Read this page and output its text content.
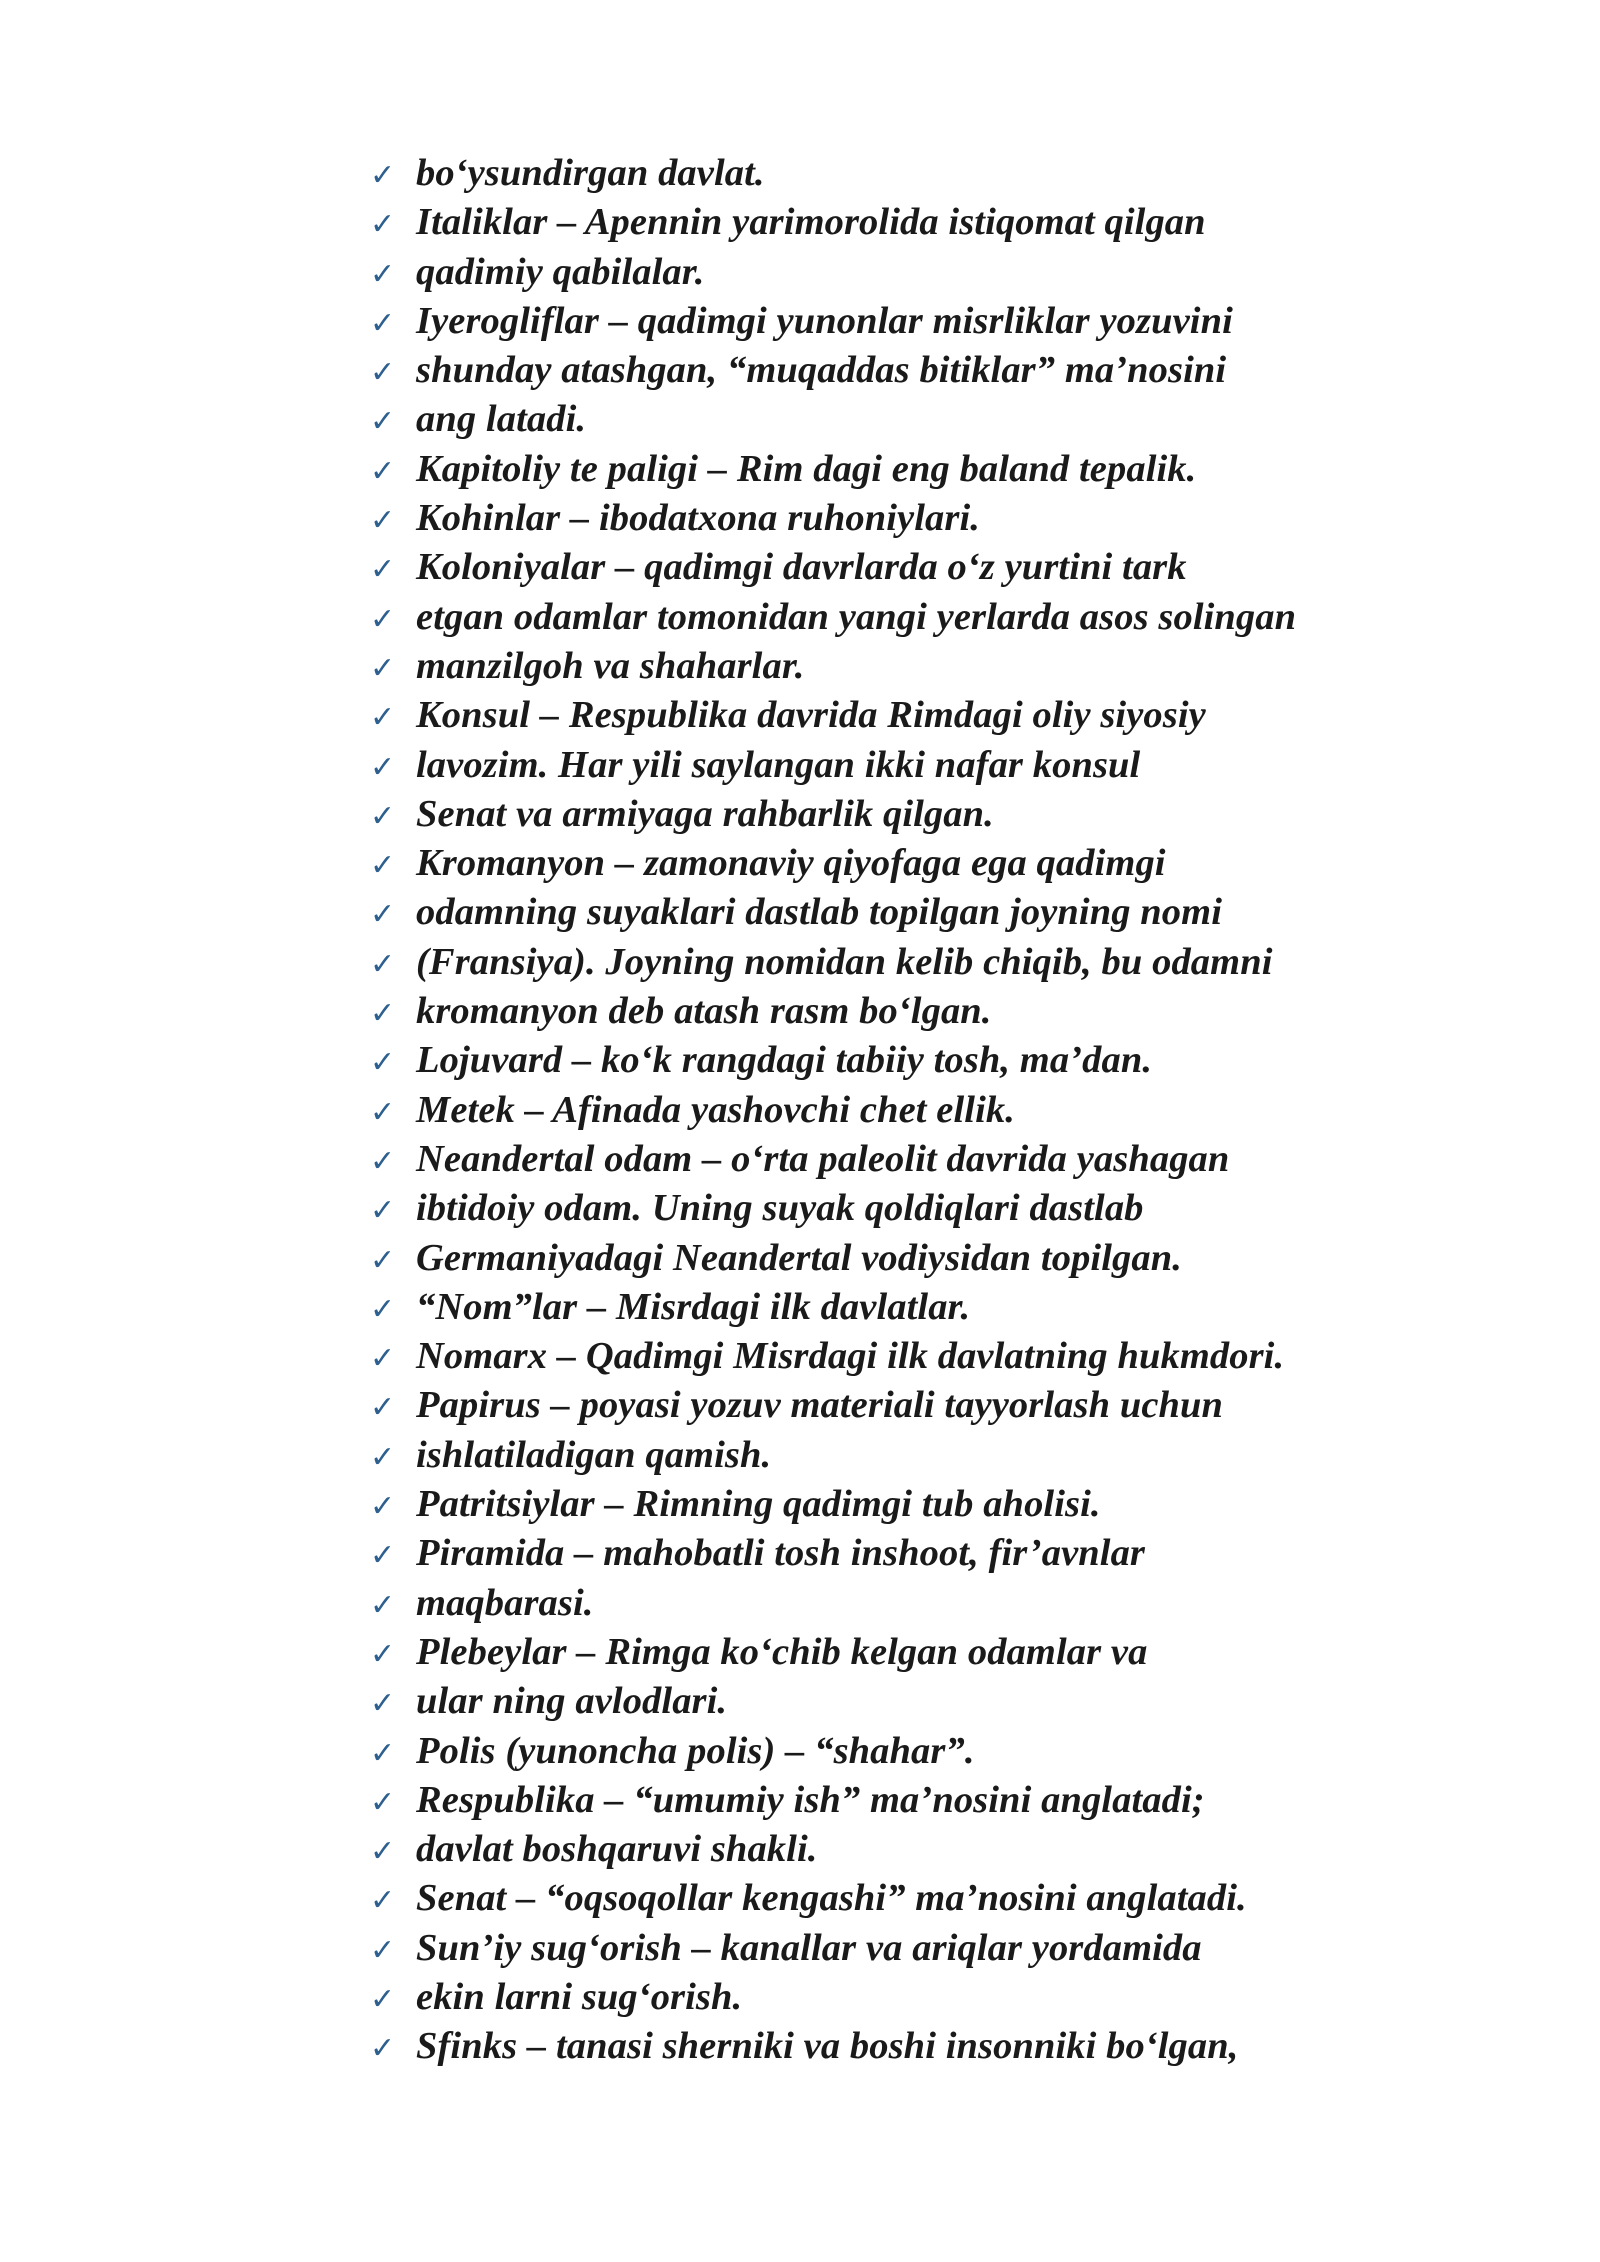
✓ bo‘ysundirgan davlat.
✓ Italiklar – Apennin yarimorolida istiqomat qilgan
✓ qadimiy qabilalar.
✓ Iyerogliflar – qadimgi yunonlar misrliklar yozuvini
✓ shunday atashgan, “muqaddas bitiklar” ma’nosini
✓ ang latadi.
✓ Kapitoliy te paligi – Rim dagi eng baland tepalik.
✓ Kohinlar – ibodatxona ruhoniylari.
✓ Koloniyalar – qadimgi davrlarda o‘z yurtini tark
✓ etgan odamlar tomonidan yangi yerlarda asos solingan
✓ manzilgoh va shaharlar.
✓ Konsul – Respublika davrida Rimdagi oliy siyosiy
✓ lavozim. Har yili saylangan ikki nafar konsul
✓ Senat va armiyaga rahbarlik qilgan.
✓ Kromanyon – zamonaviy qiyofaga ega qadimgi
✓ odamning suyaklari dastlab topilgan joyning nomi
✓ (Fransiya). Joyning nomidan kelib chiqib, bu odamni
✓ kromanyon deb atash rasm bo‘lgan.
✓ Lojuvard – ko‘k rangdagi tabiiy tosh, ma’dan.
✓ Metek – Afinada yashovchi chet ellik.
✓ Neandertal odam – o‘rta paleolit davrida yashagan
✓ ibtidoiy odam. Uning suyak qoldiqlari dastlab
✓ Germaniyadagi Neandertal vodiysidan topilgan.
✓ “Nom”lar – Misrdagi ilk davlatlar.
✓ Nomarx – Qadimgi Misrdagi ilk davlatning hukmdori.
✓ Papirus – poyasi yozuv materiali tayyorlash uchun
✓ ishlatiladigan qamish.
✓ Patritsiylar – Rimning qadimgi tub aholisi.
✓ Piramida – mahobatli tosh inshoot, fir’avnlar
✓ maqbarasi.
✓ Plebeylar – Rimga ko‘chib kelgan odamlar va
✓ ular ning avlodlari.
✓ Polis (yunoncha polis) – “shahar”.
✓ Respublika – “umumiy ish” ma’nosini anglatadi;
✓ davlat boshqaruvi shakli.
✓ Senat – “oqsoqollar kengashi” ma’nosini anglatadi.
✓ Sun’iy sug‘orish – kanallar va ariqlar yordamida
✓ ekin larni sug‘orish.
✓ Sfinks – tanasi sherniki va boshi insonniki bo‘lgan,
